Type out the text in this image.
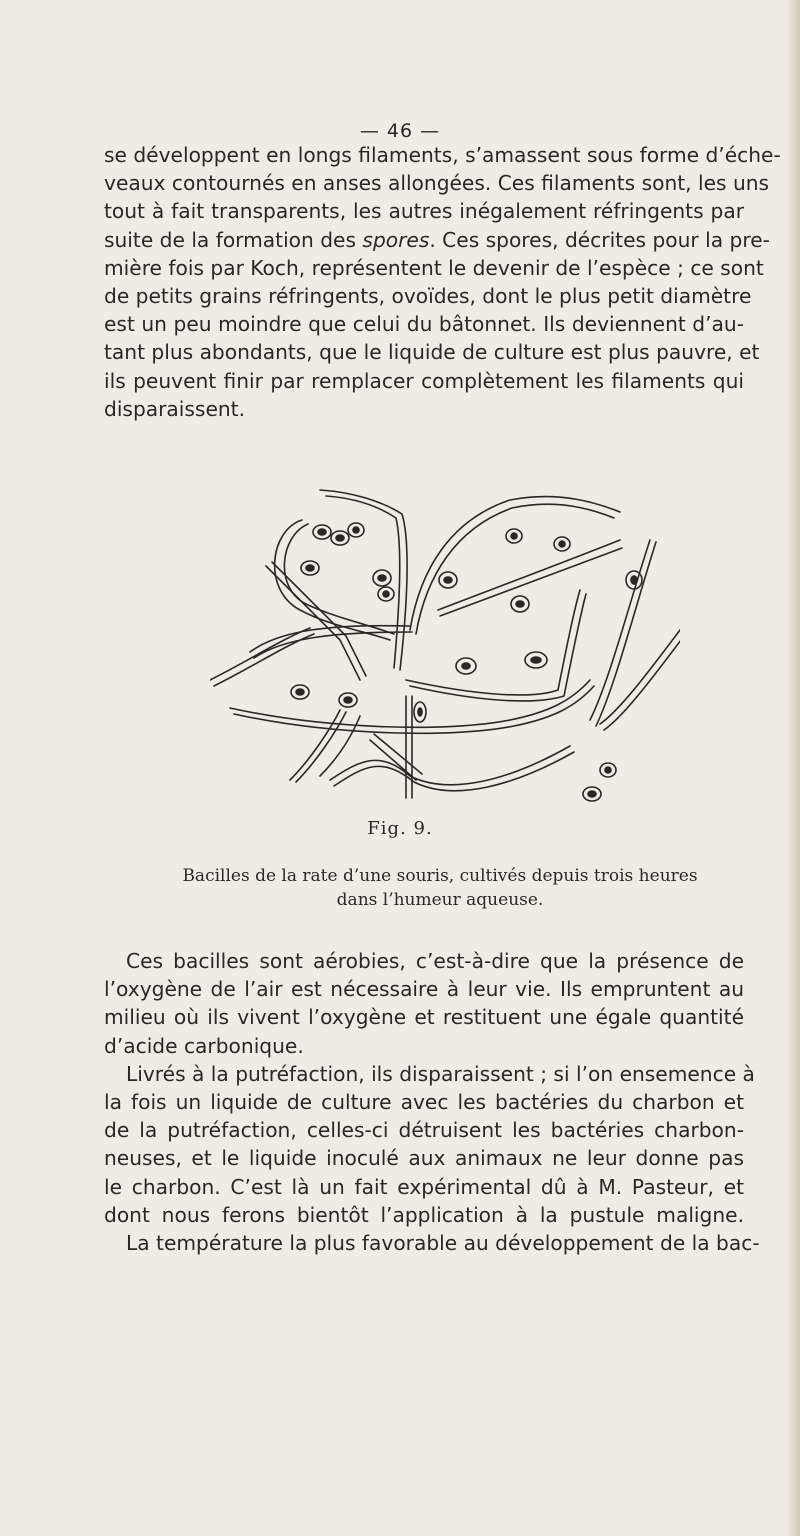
— 46 —
se développent en longs filaments, s’amassent sous forme d’éche-
veaux contournés en anses allongées. Ces filaments sont, les uns
tout à fait transparents, les autres inégalement réfringents par
suite de la formation des spores. Ces spores, décrites pour la pre-
mière fois par Koch, représentent le devenir de l’espèce ; ce sont
de petits grains réfringents, ovoïdes, dont le plus petit diamètre
est un peu moindre que celui du bâtonnet. Ils deviennent d’au-
tant plus abondants, que le liquide de culture est plus pauvre, et
ils peuvent finir par remplacer complètement les filaments qui
disparaissent.
Fig. 9.
Bacilles de la rate d’une souris, cultivés depuis trois heures
dans l’humeur aqueuse.
Ces bacilles sont aérobies, c’est-à-dire que la présence de
l’oxygène de l’air est nécessaire à leur vie. Ils empruntent au
milieu où ils vivent l’oxygène et restituent une égale quantité
d’acide carbonique.
Livrés à la putréfaction, ils disparaissent ; si l’on ensemence à
la fois un liquide de culture avec les bactéries du charbon et
de la putréfaction, celles-ci détruisent les bactéries charbon-
neuses, et le liquide inoculé aux animaux ne leur donne pas
le charbon. C’est là un fait expérimental dû à M. Pasteur, et
dont nous ferons bientôt l’application à la pustule maligne.
La température la plus favorable au développement de la bac-
